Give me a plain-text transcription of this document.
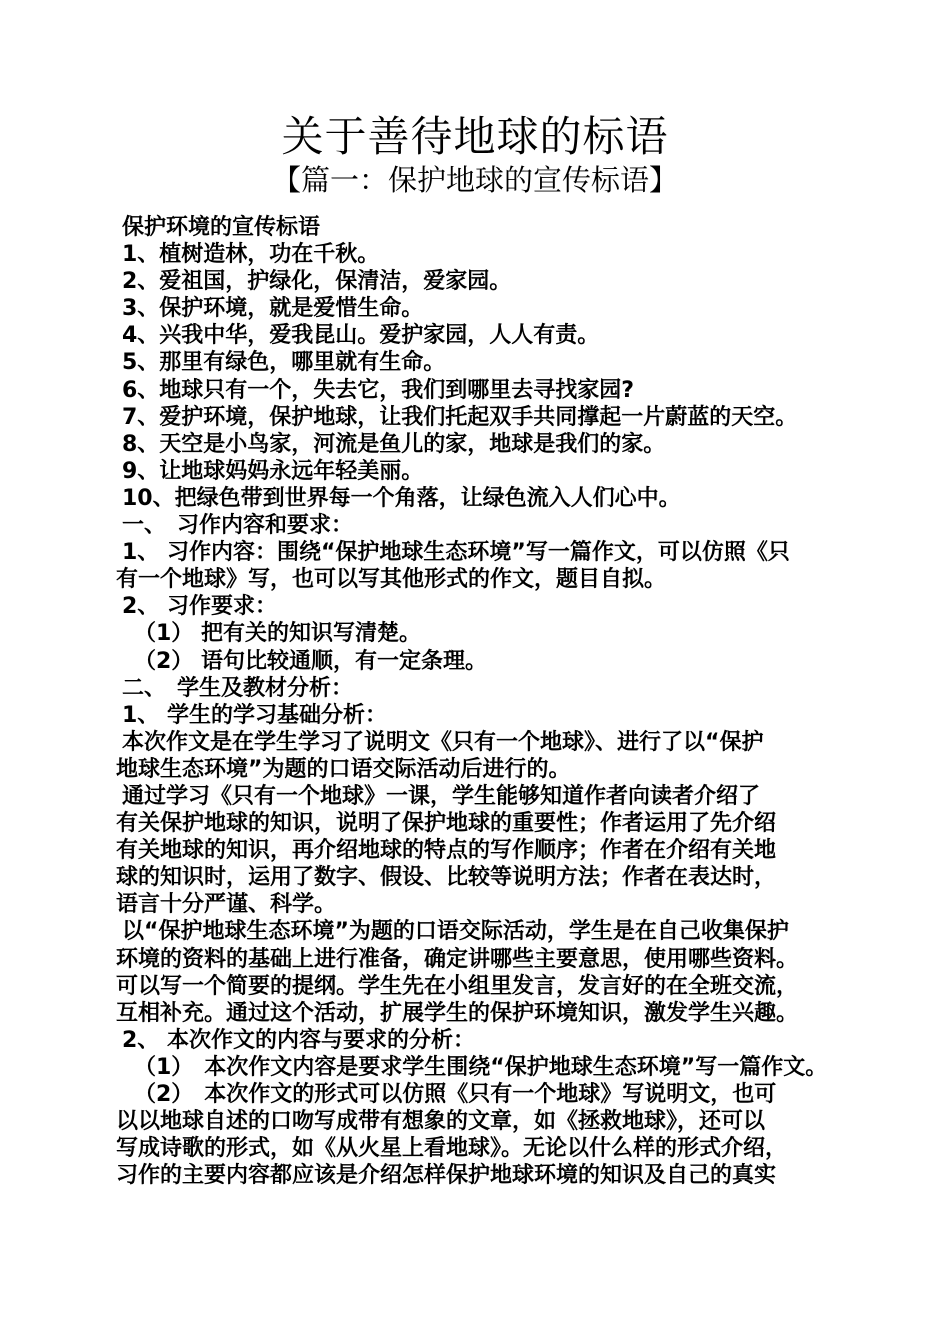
关于善待地球的标语
【篇一：保护地球的宣传标语】
保护环境的宣传标语
1、植树造林，功在千秋。
2、爱祖国，护绿化，保清洁，爱家园。
3、保护环境，就是爱惜生命。
4、兴我中华，爱我昆山。爱护家园，人人有责。
5、那里有绿色，哪里就有生命。
6、地球只有一个，失去它，我们到哪里去寻找家园?
7、爱护环境，保护地球，让我们托起双手共同撑起一片蔚蓝的天空。
8、天空是小鸟家，河流是鱼儿的家，地球是我们的家。
9、让地球妈妈永远年轻美丽。
10、把绿色带到世界每一个角落，让绿色流入人们心中。
一、　习作内容和要求：
1、 习作内容：围绕“保护地球生态环境”写一篇作文，可以仿照《只
有一个地球》写，也可以写其他形式的作文，题目自拟。
2、 习作要求：
（1） 把有关的知识写清楚。
（2） 语句比较通顺，有一定条理。
二、　学生及教材分析：
1、 学生的学习基础分析：
本次作文是在学生学习了说明文《只有一个地球》、进行了以“保护
地球生态环境”为题的口语交际活动后进行的。
通过学习《只有一个地球》一课，学生能够知道作者向读者介绍了
有关保护地球的知识，说明了保护地球的重要性；作者运用了先介绍
有关地球的知识，再介绍地球的特点的写作顺序；作者在介绍有关地
球的知识时，运用了数字、假设、比较等说明方法；作者在表达时，
语言十分严谨、科学。
以“保护地球生态环境”为题的口语交际活动，学生是在自己收集保护
环境的资料的基础上进行准备，确定讲哪些主要意思，使用哪些资料。
可以写一个简要的提纲。学生先在小组里发言，发言好的在全班交流，
互相补充。通过这个活动，扩展学生的保护环境知识，激发学生兴趣。
2、 本次作文的内容与要求的分析：
（1）　本次作文内容是要求学生围绕“保护地球生态环境”写一篇作文。
（2）　本次作文的形式可以仿照《只有一个地球》写说明文，也可
以以地球自述的口吻写成带有想象的文章，如《拯救地球》，还可以
写成诗歌的形式，如《从火星上看地球》。无论以什么样的形式介绍，
习作的主要内容都应该是介绍怎样保护地球环境的知识及自己的真实
